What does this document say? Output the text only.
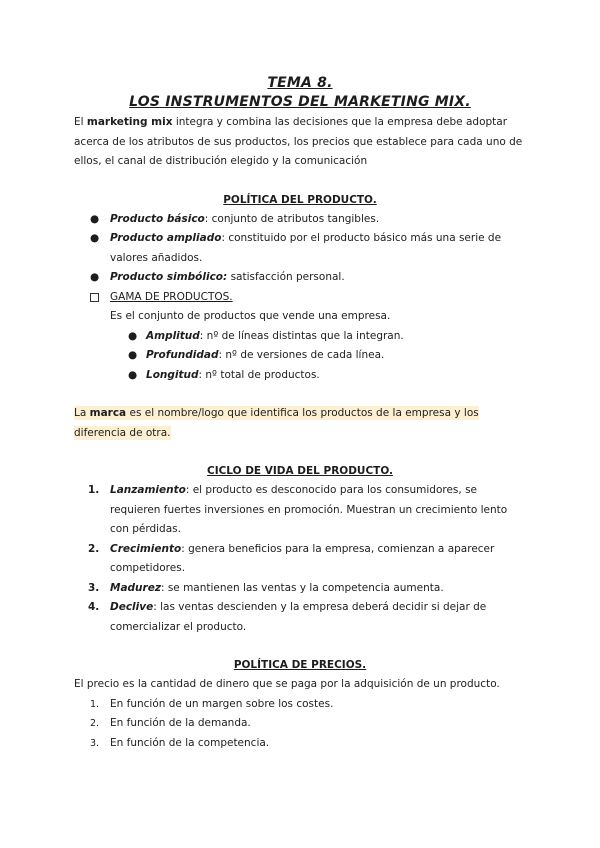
TEMA 8.
LOS INSTRUMENTOS DEL MARKETING MIX.

El marketing mix integra y combina las decisiones que la empresa debe adoptar acerca de los atributos de sus productos, los precios que establece para cada uno de ellos, el canal de distribución elegido y la comunicación

POLÍTICA DEL PRODUCTO.
● Producto básico: conjunto de atributos tangibles.
● Producto ampliado: constituido por el producto básico más una serie de valores añadidos.
● Producto simbólico: satisfacción personal.
GAMA DE PRODUCTOS.

Es el conjunto de productos que vende una empresa.

● Amplitud: nº de líneas distintas que la integran.
● Profundidad: nº de versiones de cada línea.
● Longitud: nº total de productos.

La marca es el nombre/logo que identifica los productos de la empresa y los diferencia de otra.

CICLO DE VIDA DEL PRODUCTO.
1. Lanzamiento: el producto es desconocido para los consumidores, se requieren fuertes inversiones en promoción. Muestran un crecimiento lento con pérdidas.
2. Crecimiento: genera beneficios para la empresa, comienzan a aparecer competidores.
3. Madurez: se mantienen las ventas y la competencia aumenta.
4. Declive: las ventas descienden y la empresa deberá decidir si dejar de comercializar el producto.
POLÍTICA DE PRECIOS.

El precio es la cantidad de dinero que se paga por la adquisición de un producto.

1. En función de un margen sobre los costes.
2. En función de la demanda.
3. En función de la competencia.
